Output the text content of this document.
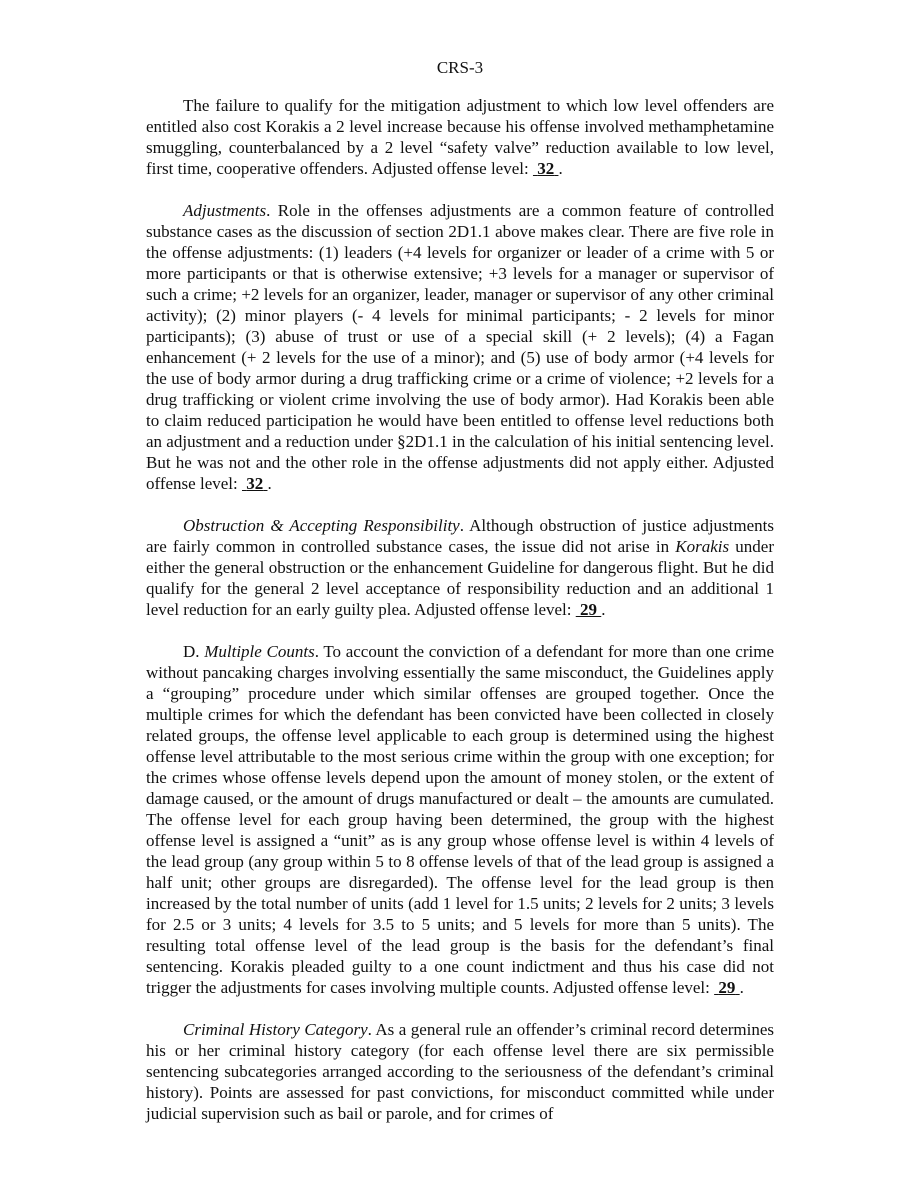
CRS-3

The failure to qualify for the mitigation adjustment to which low level offenders are entitled also cost Korakis a 2 level increase because his offense involved methamphetamine smuggling, counterbalanced by a 2 level “safety valve” reduction available to low level, first time, cooperative offenders. Adjusted offense level:  32 .

Adjustments. Role in the offenses adjustments are a common feature of controlled substance cases as the discussion of section 2D1.1 above makes clear. There are five role in the offense adjustments: (1) leaders (+4 levels for organizer or leader of a crime with 5 or more participants or that is otherwise extensive; +3 levels for a manager or supervisor of such a crime; +2 levels for an organizer, leader, manager or supervisor of any other criminal activity); (2) minor players (- 4 levels for minimal participants; - 2 levels for minor participants); (3) abuse of trust or use of a special skill (+ 2 levels); (4) a Fagan enhancement (+ 2 levels for the use of a minor); and (5) use of body armor (+4 levels for the use of body armor during a drug trafficking crime or a crime of violence; +2 levels for a drug trafficking or violent crime involving the use of body armor). Had Korakis been able to claim reduced participation he would have been entitled to offense level reductions both an adjustment and a reduction under §2D1.1 in the calculation of his initial sentencing level. But he was not and the other role in the offense adjustments did not apply either. Adjusted offense level:  32 .

Obstruction & Accepting Responsibility. Although obstruction of justice adjustments are fairly common in controlled substance cases, the issue did not arise in Korakis under either the general obstruction or the enhancement Guideline for dangerous flight. But he did qualify for the general 2 level acceptance of responsibility reduction and an additional 1 level reduction for an early guilty plea. Adjusted offense level:  29 .

D. Multiple Counts. To account the conviction of a defendant for more than one crime without pancaking charges involving essentially the same misconduct, the Guidelines apply a “grouping” procedure under which similar offenses are grouped together. Once the multiple crimes for which the defendant has been convicted have been collected in closely related groups, the offense level applicable to each group is determined using the highest offense level attributable to the most serious crime within the group with one exception; for the crimes whose offense levels depend upon the amount of money stolen, or the extent of damage caused, or the amount of drugs manufactured or dealt – the amounts are cumulated. The offense level for each group having been determined, the group with the highest offense level is assigned a “unit” as is any group whose offense level is within 4 levels of the lead group (any group within 5 to 8 offense levels of that of the lead group is assigned a half unit; other groups are disregarded). The offense level for the lead group is then increased by the total number of units (add 1 level for 1.5 units; 2 levels for 2 units; 3 levels for 2.5 or 3 units; 4 levels for 3.5 to 5 units; and 5 levels for more than 5 units). The resulting total offense level of the lead group is the basis for the defendant’s final sentencing. Korakis pleaded guilty to a one count indictment and thus his case did not trigger the adjustments for cases involving multiple counts. Adjusted offense level:  29 .

Criminal History Category. As a general rule an offender’s criminal record determines his or her criminal history category (for each offense level there are six permissible sentencing subcategories arranged according to the seriousness of the defendant’s criminal history). Points are assessed for past convictions, for misconduct committed while under judicial supervision such as bail or parole, and for crimes of
